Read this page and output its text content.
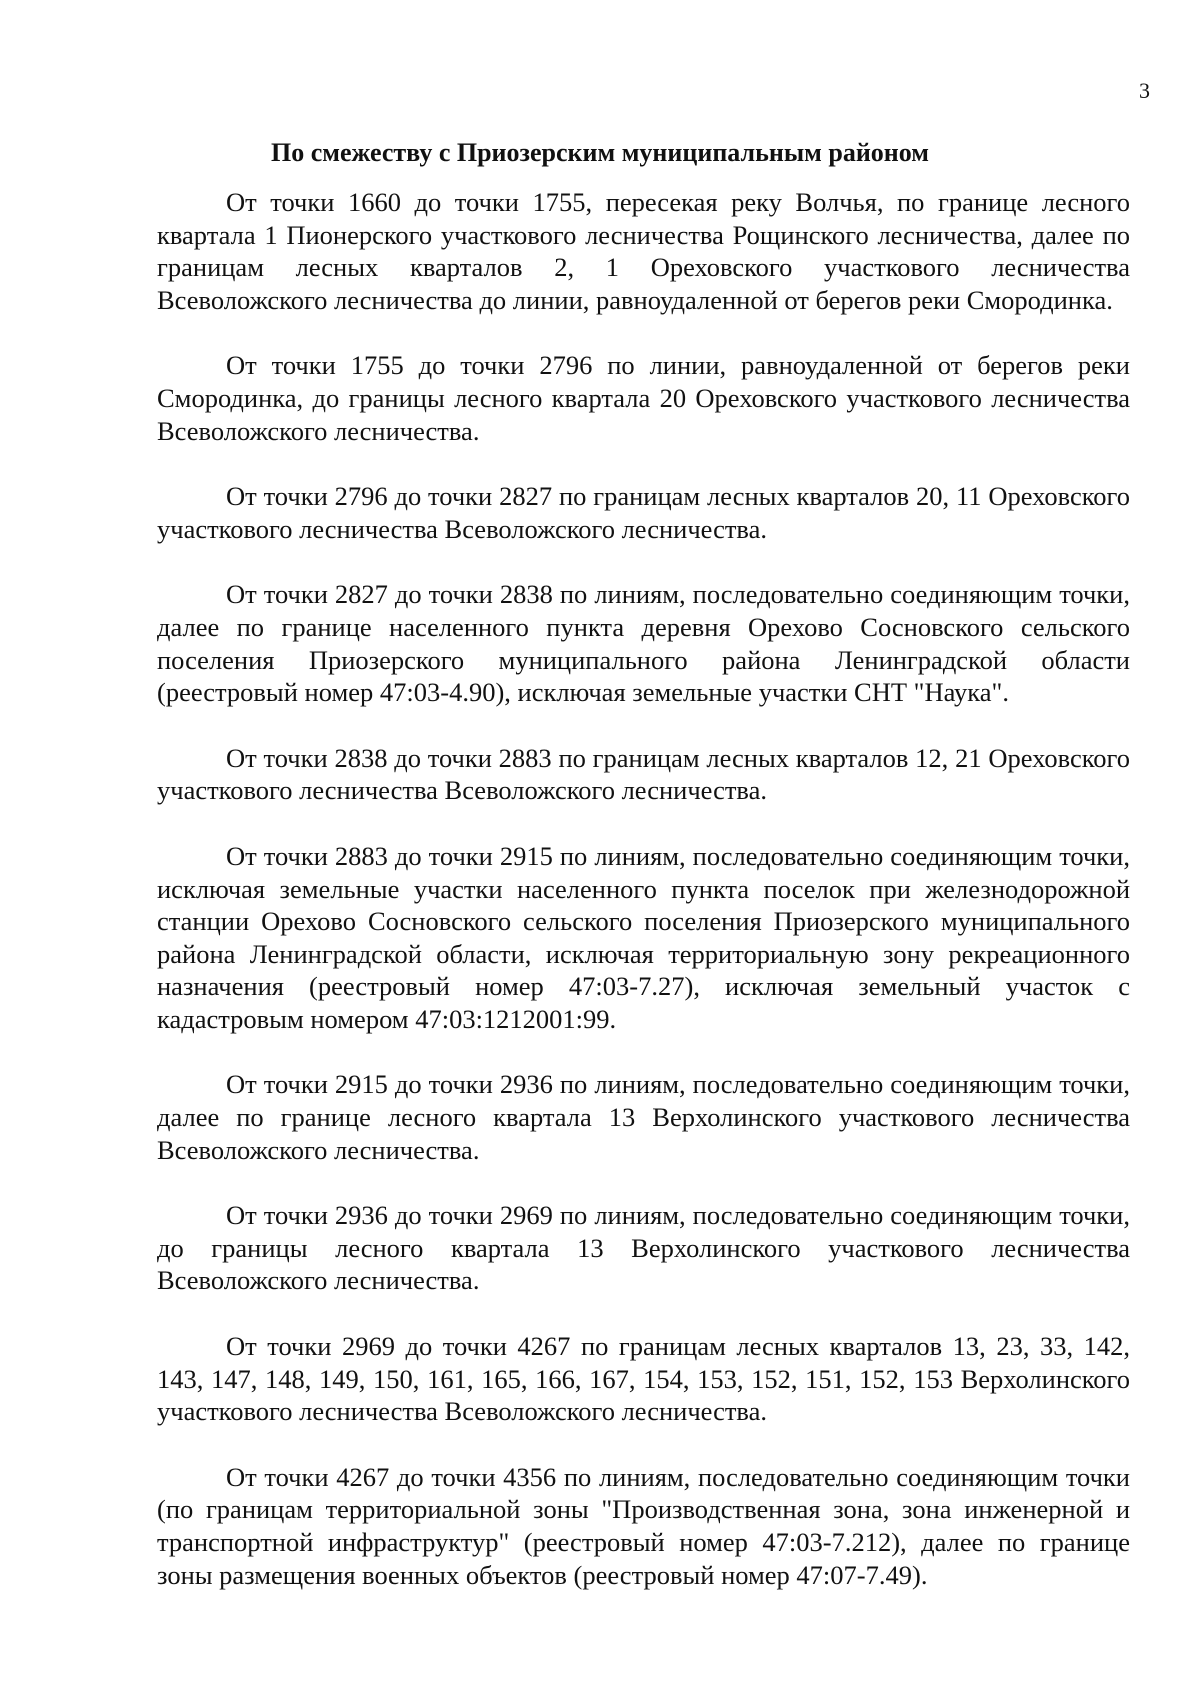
3
По смежеству с Приозерским муниципальным районом

От точки 1660 до точки 1755, пересекая реку Волчья, по границе лесного квартала 1 Пионерского участкового лесничества Рощинского лесничества, далее по границам лесных кварталов 2, 1 Ореховского участкового лесничества Всеволожского лесничества до линии, равноудаленной от берегов реки Смородинка.

От точки 1755 до точки 2796 по линии, равноудаленной от берегов реки Смородинка, до границы лесного квартала 20 Ореховского участкового лесничества Всеволожского лесничества.

От точки 2796 до точки 2827 по границам лесных кварталов 20, 11 Ореховского участкового лесничества Всеволожского лесничества.

От точки 2827 до точки 2838 по линиям, последовательно соединяющим точки, далее по границе населенного пункта деревня Орехово Сосновского сельского поселения Приозерского муниципального района Ленинградской области (реестровый номер 47:03-4.90), исключая земельные участки СНТ "Наука".

От точки 2838 до точки 2883 по границам лесных кварталов 12, 21 Ореховского участкового лесничества Всеволожского лесничества.

От точки 2883 до точки 2915 по линиям, последовательно соединяющим точки, исключая земельные участки населенного пункта поселок при железнодорожной станции Орехово Сосновского сельского поселения Приозерского муниципального района Ленинградской области, исключая территориальную зону рекреационного назначения (реестровый номер 47:03-7.27), исключая земельный участок с кадастровым номером 47:03:1212001:99.

От точки 2915 до точки 2936 по линиям, последовательно соединяющим точки, далее по границе лесного квартала 13 Верхолинского участкового лесничества Всеволожского лесничества.

От точки 2936 до точки 2969 по линиям, последовательно соединяющим точки, до границы лесного квартала 13 Верхолинского участкового лесничества Всеволожского лесничества.

От точки 2969 до точки 4267 по границам лесных кварталов 13, 23, 33, 142, 143, 147, 148, 149, 150, 161, 165, 166, 167, 154, 153, 152, 151, 152, 153 Верхолинского участкового лесничества Всеволожского лесничества.

От точки 4267 до точки 4356 по линиям, последовательно соединяющим точки (по границам территориальной зоны "Производственная зона, зона инженерной и транспортной инфраструктур" (реестровый номер 47:03-7.212), далее по границе зоны размещения военных объектов (реестровый номер 47:07-7.49).
